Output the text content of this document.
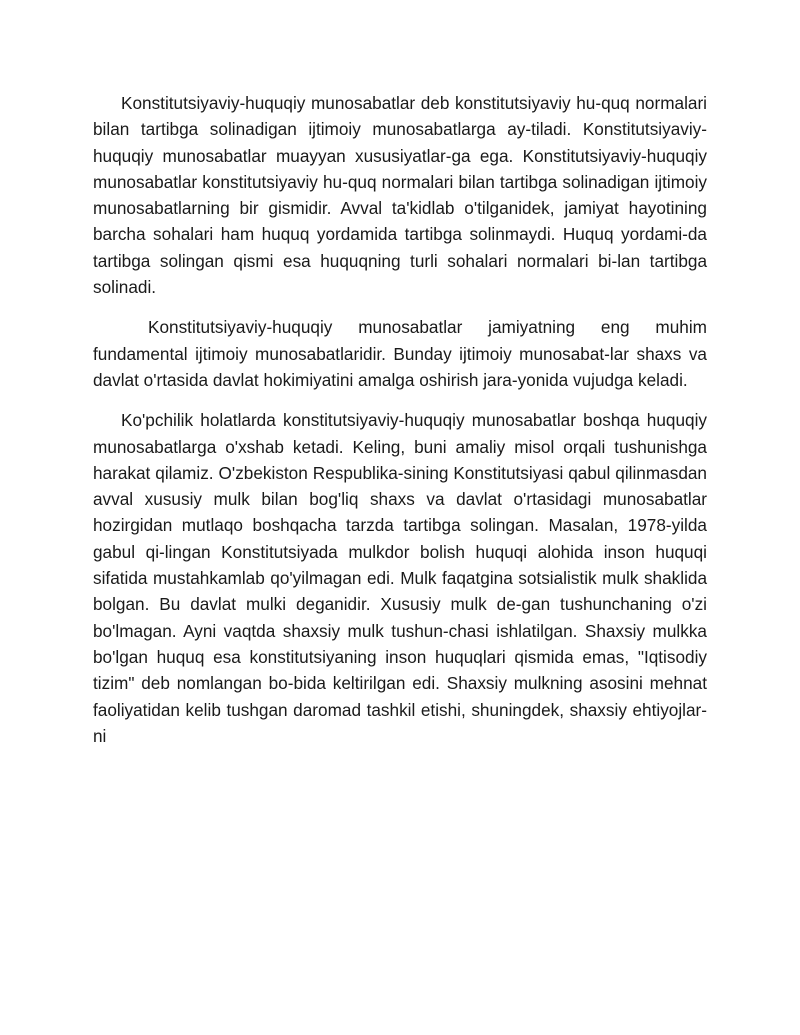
Konstitutsiyaviy-huquqiy munosabatlar deb konstitutsiyaviy hu-quq normalari bilan tartibga solinadigan ijtimoiy munosabatlarga ay-tiladi. Konstitutsiyaviy-huquqiy munosabatlar muayyan xususiyatlar-ga ega. Konstitutsiyaviy-huquqiy munosabatlar konstitutsiyaviy hu-quq normalari bilan tartibga solinadigan ijtimoiy munosabatlarning bir gismidir. Avval ta'kidlab o'tilganidek, jamiyat hayotining barcha sohalari ham huquq yordamida tartibga solinmaydi. Huquq yordami-da tartibga solingan qismi esa huquqning turli sohalari normalari bi-lan tartibga solinadi.

Konstitutsiyaviy-huquqiy munosabatlar jamiyatning eng muhim fundamental ijtimoiy munosabatlaridir. Bunday ijtimoiy munosabat-lar shaxs va davlat o'rtasida davlat hokimiyatini amalga oshirish jara-yonida vujudga keladi.

Ko'pchilik holatlarda konstitutsiyaviy-huquqiy munosabatlar boshqa huquqiy munosabatlarga o'xshab ketadi. Keling, buni amaliy misol orqali tushunishga harakat qilamiz. O'zbekiston Respublika-sining Konstitutsiyasi qabul qilinmasdan avval xususiy mulk bilan bog'liq shaxs va davlat o'rtasidagi munosabatlar hozirgidan mutlaqo boshqacha tarzda tartibga solingan. Masalan, 1978-yilda gabul qi-lingan Konstitutsiyada mulkdor bolish huquqi alohida inson huquqi sifatida mustahkamlab qo'yilmagan edi. Mulk faqatgina sotsialistik mulk shaklida bolgan. Bu davlat mulki deganidir. Xususiy mulk de-gan tushunchaning o'zi bo'lmagan. Ayni vaqtda shaxsiy mulk tushun-chasi ishlatilgan. Shaxsiy mulkka bo'lgan huquq esa konstitutsiyaning inson huquqlari qismida emas, "Iqtisodiy tizim" deb nomlangan bo-bida keltirilgan edi. Shaxsiy mulkning asosini mehnat faoliyatidan kelib tushgan daromad tashkil etishi, shuningdek, shaxsiy ehtiyojlar-ni
